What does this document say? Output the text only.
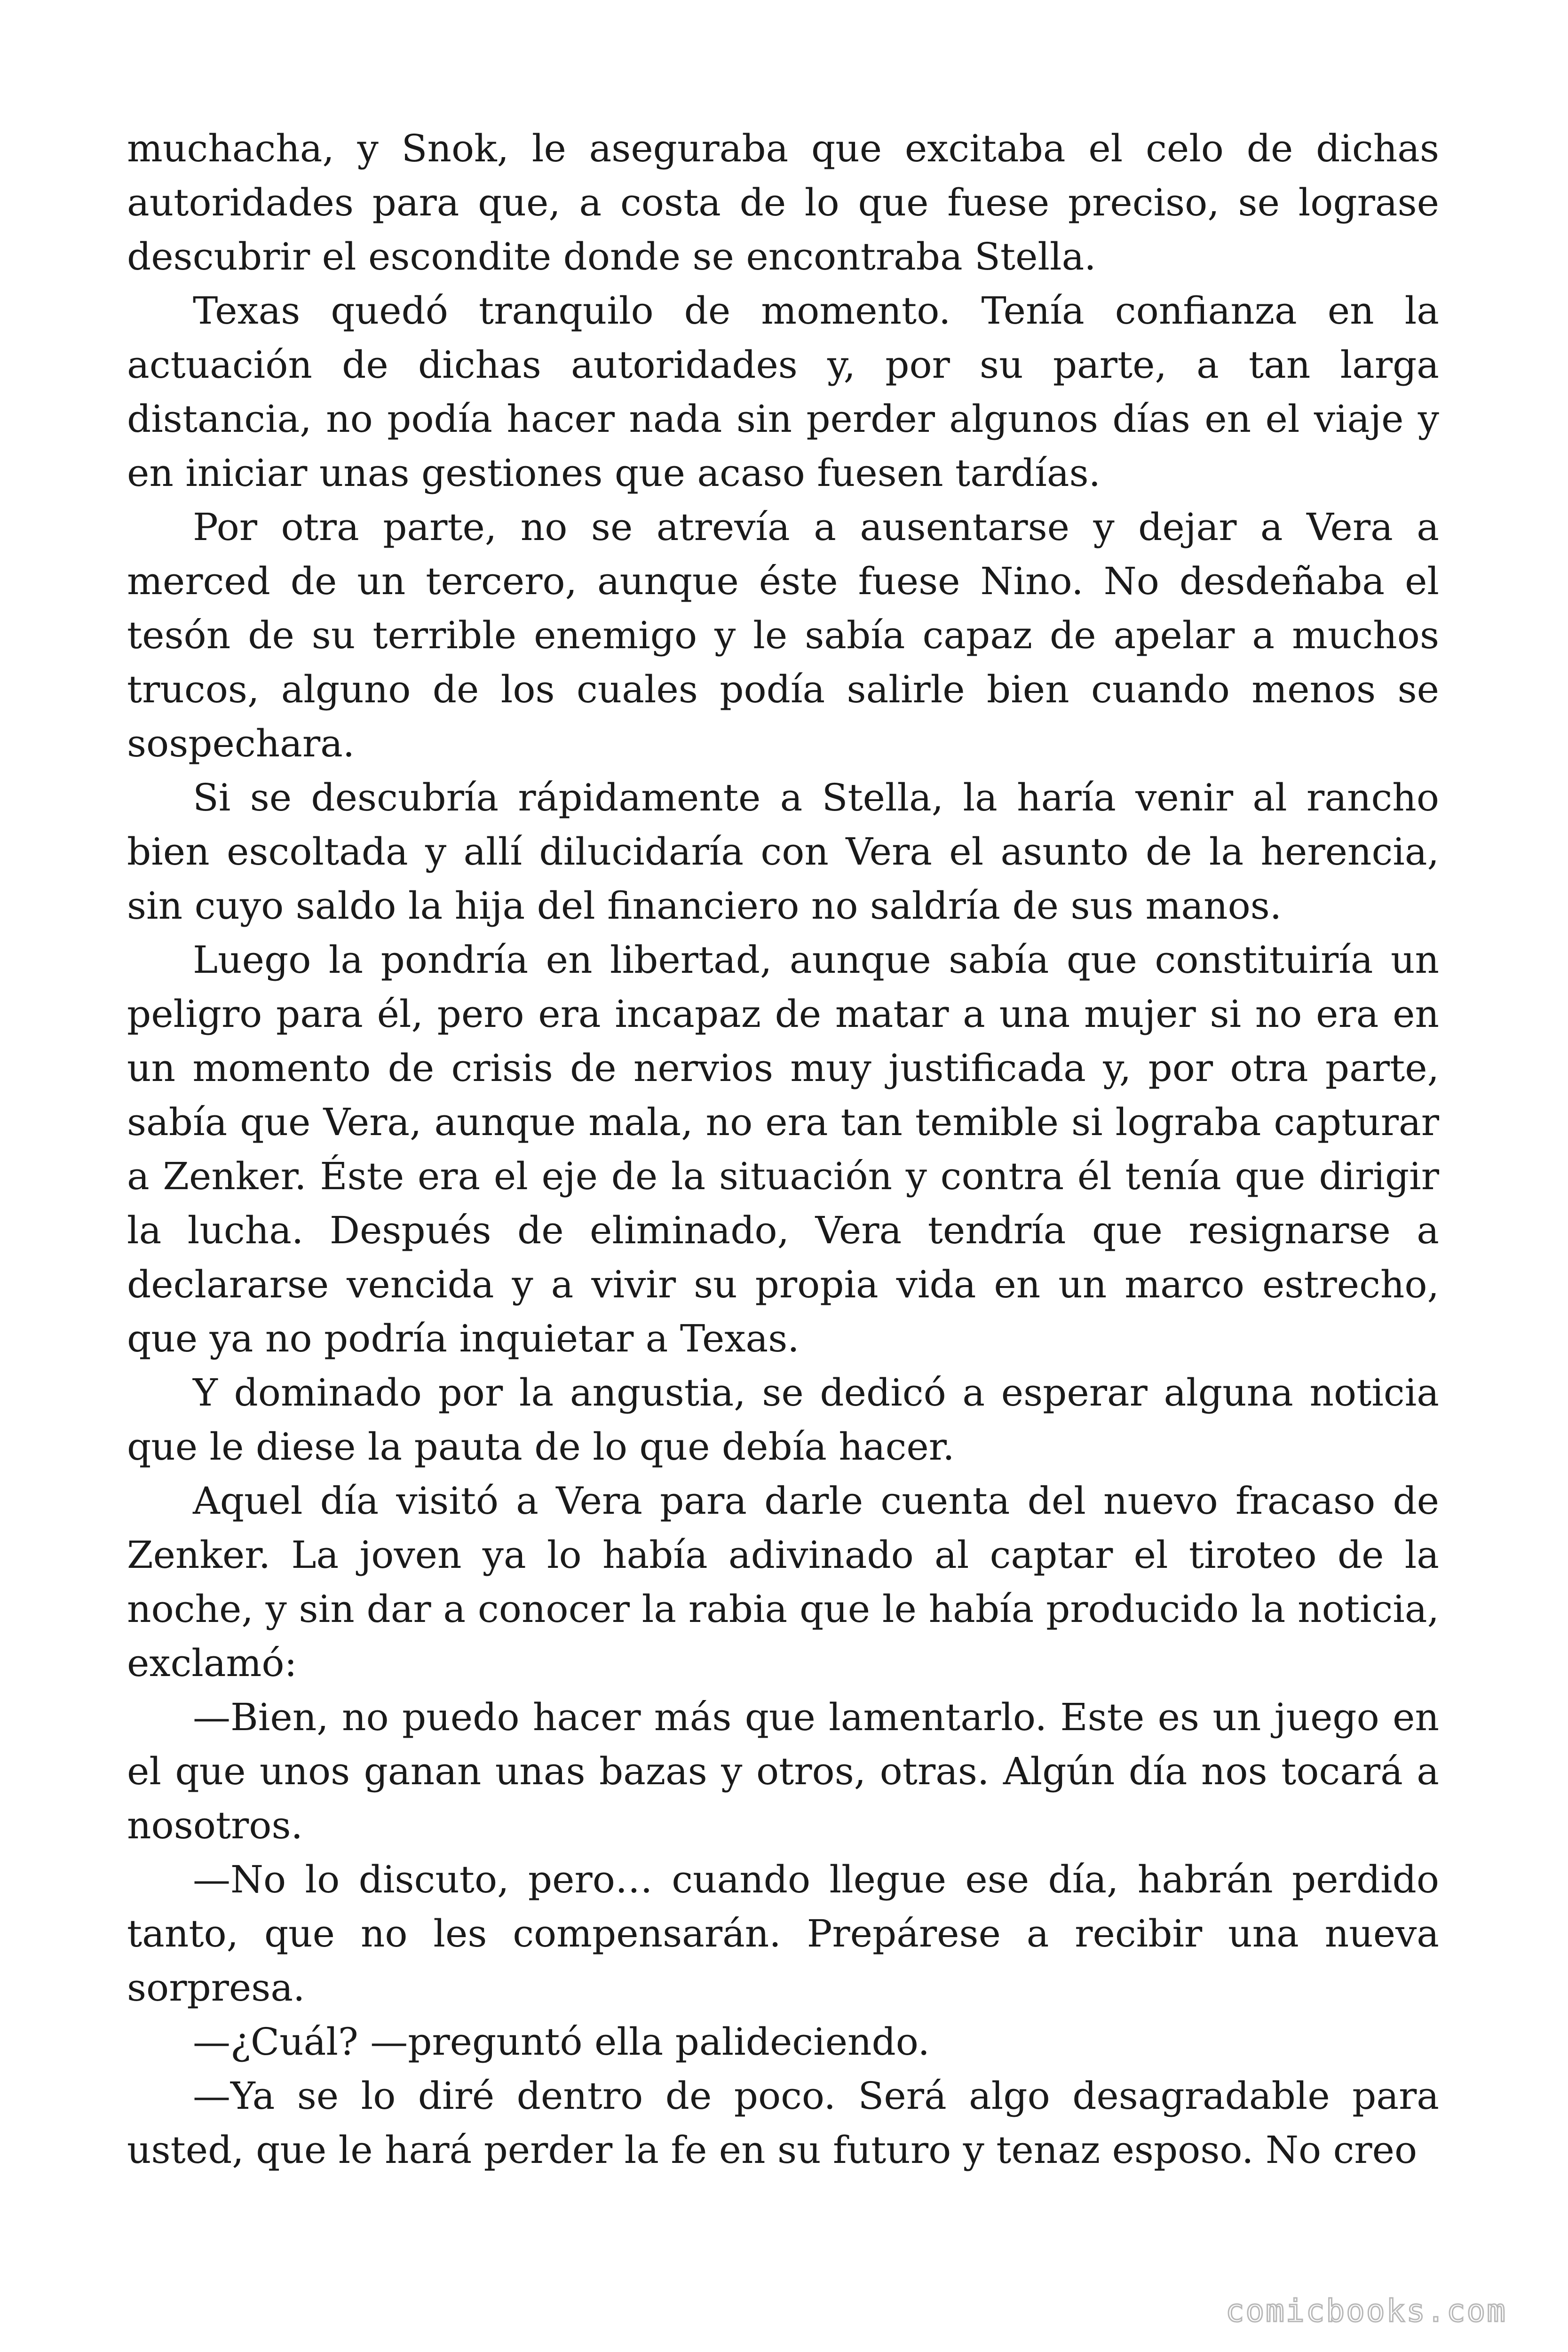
muchacha, y Snok, le aseguraba que excitaba el celo de dichas autoridades para que, a costa de lo que fuese preciso, se lograse descubrir el escondite donde se encontraba Stella.

Texas quedó tranquilo de momento. Tenía confianza en la actuación de dichas autoridades y, por su parte, a tan larga distancia, no podía hacer nada sin perder algunos días en el viaje y en iniciar unas gestiones que acaso fuesen tardías.

Por otra parte, no se atrevía a ausentarse y dejar a Vera a merced de un tercero, aunque éste fuese Nino. No desdeñaba el tesón de su terrible enemigo y le sabía capaz de apelar a muchos trucos, alguno de los cuales podía salirle bien cuando menos se sospechara.

Si se descubría rápidamente a Stella, la haría venir al rancho bien escoltada y allí dilucidaría con Vera el asunto de la herencia, sin cuyo saldo la hija del financiero no saldría de sus manos.

Luego la pondría en libertad, aunque sabía que constituiría un peligro para él, pero era incapaz de matar a una mujer si no era en un momento de crisis de nervios muy justificada y, por otra parte, sabía que Vera, aunque mala, no era tan temible si lograba capturar a Zenker. Éste era el eje de la situación y contra él tenía que dirigir la lucha. Después de eliminado, Vera tendría que resignarse a declararse vencida y a vivir su propia vida en un marco estrecho, que ya no podría inquietar a Texas.

Y dominado por la angustia, se dedicó a esperar alguna noticia que le diese la pauta de lo que debía hacer.

Aquel día visitó a Vera para darle cuenta del nuevo fracaso de Zenker. La joven ya lo había adivinado al captar el tiroteo de la noche, y sin dar a conocer la rabia que le había producido la noticia, exclamó:

—Bien, no puedo hacer más que lamentarlo. Este es un juego en el que unos ganan unas bazas y otros, otras. Algún día nos tocará a nosotros.

—No lo discuto, pero… cuando llegue ese día, habrán perdido tanto, que no les compensarán. Prepárese a recibir una nueva sorpresa.

—¿Cuál? —preguntó ella palideciendo.

—Ya se lo diré dentro de poco. Será algo desagradable para usted, que le hará perder la fe en su futuro y tenaz esposo. No creo

comicbooks.com
